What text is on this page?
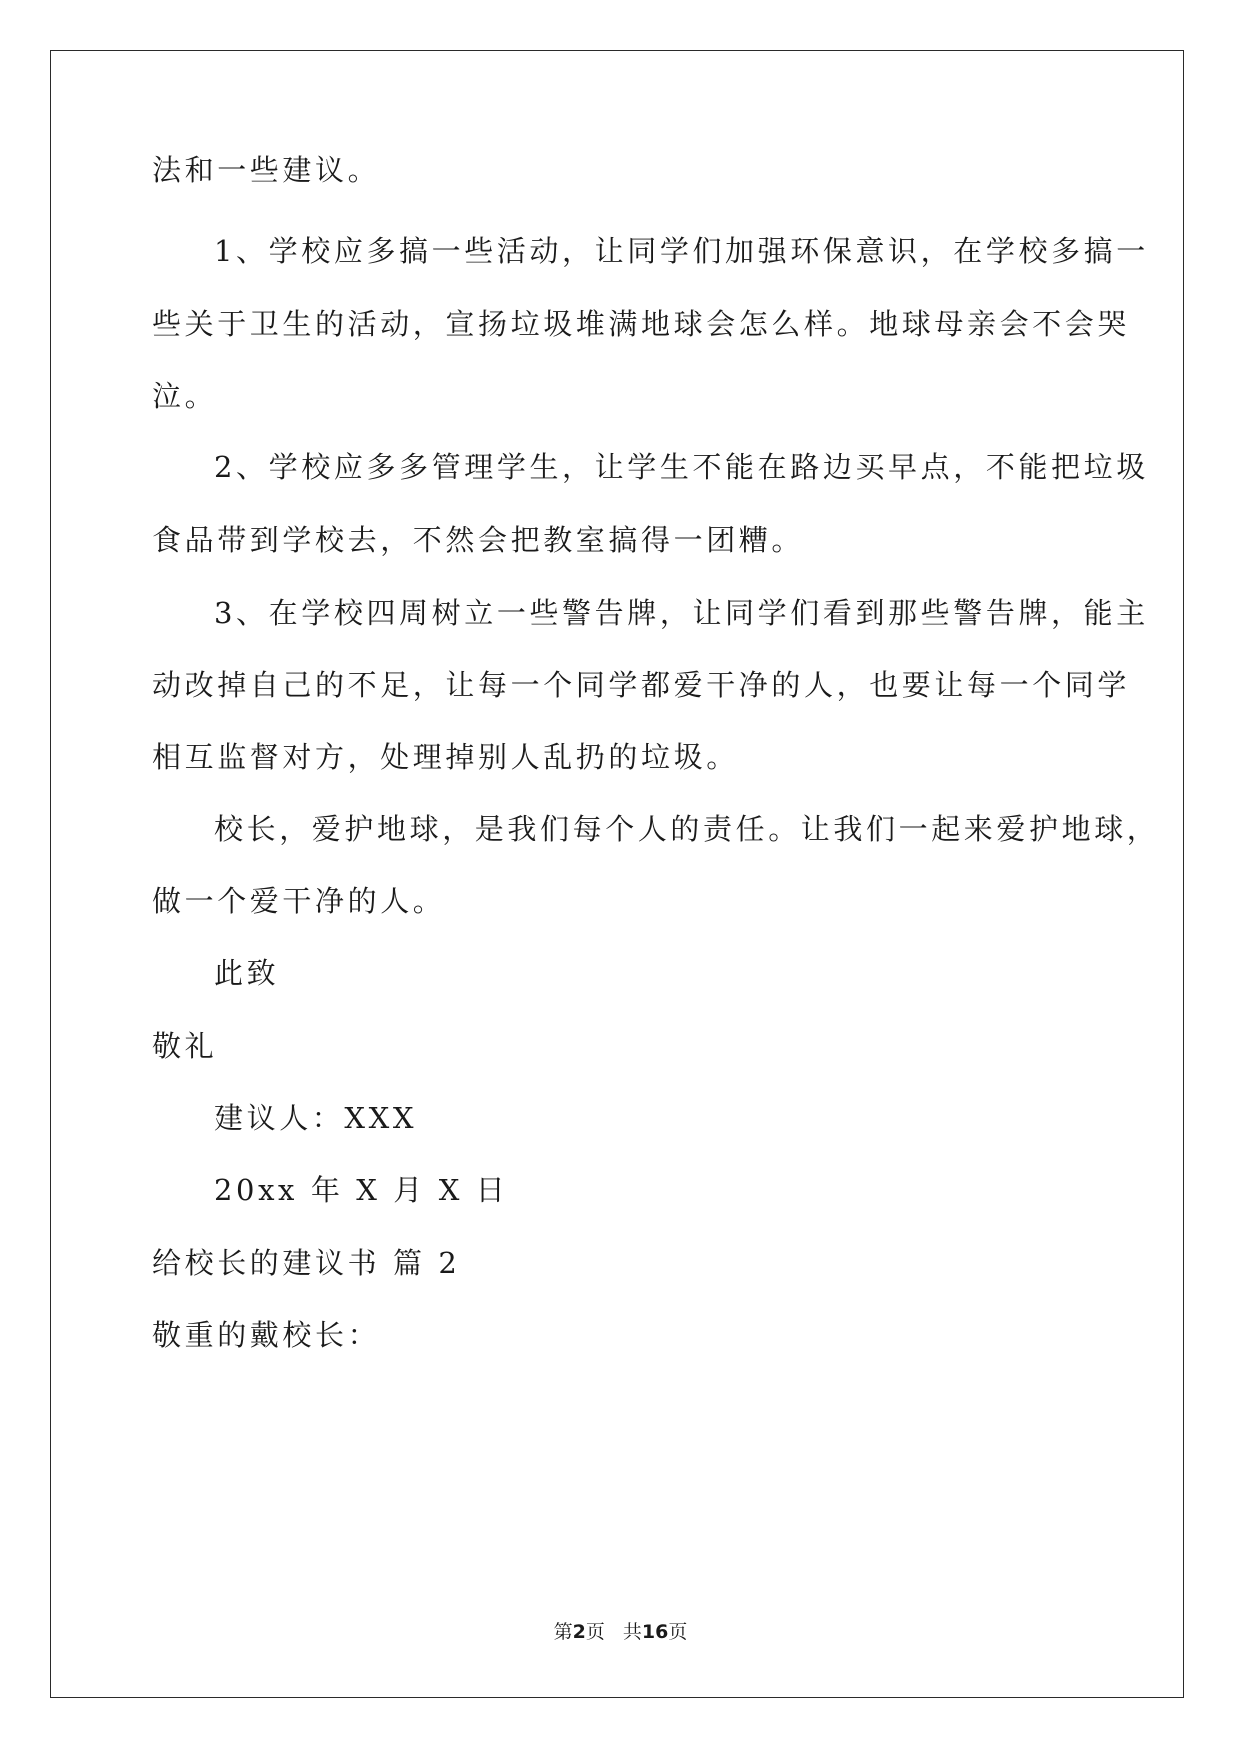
法和一些建议。
1、学校应多搞一些活动，让同学们加强环保意识，在学校多搞一
些关于卫生的活动，宣扬垃圾堆满地球会怎么样。地球母亲会不会哭
泣。
2、学校应多多管理学生，让学生不能在路边买早点，不能把垃圾
食品带到学校去，不然会把教室搞得一团糟。
3、在学校四周树立一些警告牌，让同学们看到那些警告牌，能主
动改掉自己的不足，让每一个同学都爱干净的人，也要让每一个同学
相互监督对方，处理掉别人乱扔的垃圾。
校长，爱护地球，是我们每个人的责任。让我们一起来爱护地球，
做一个爱干净的人。
此致
敬礼
建议人：XXX
20xx 年 X 月 X 日
给校长的建议书 篇 2
敬重的戴校长：
第2页 共16页
